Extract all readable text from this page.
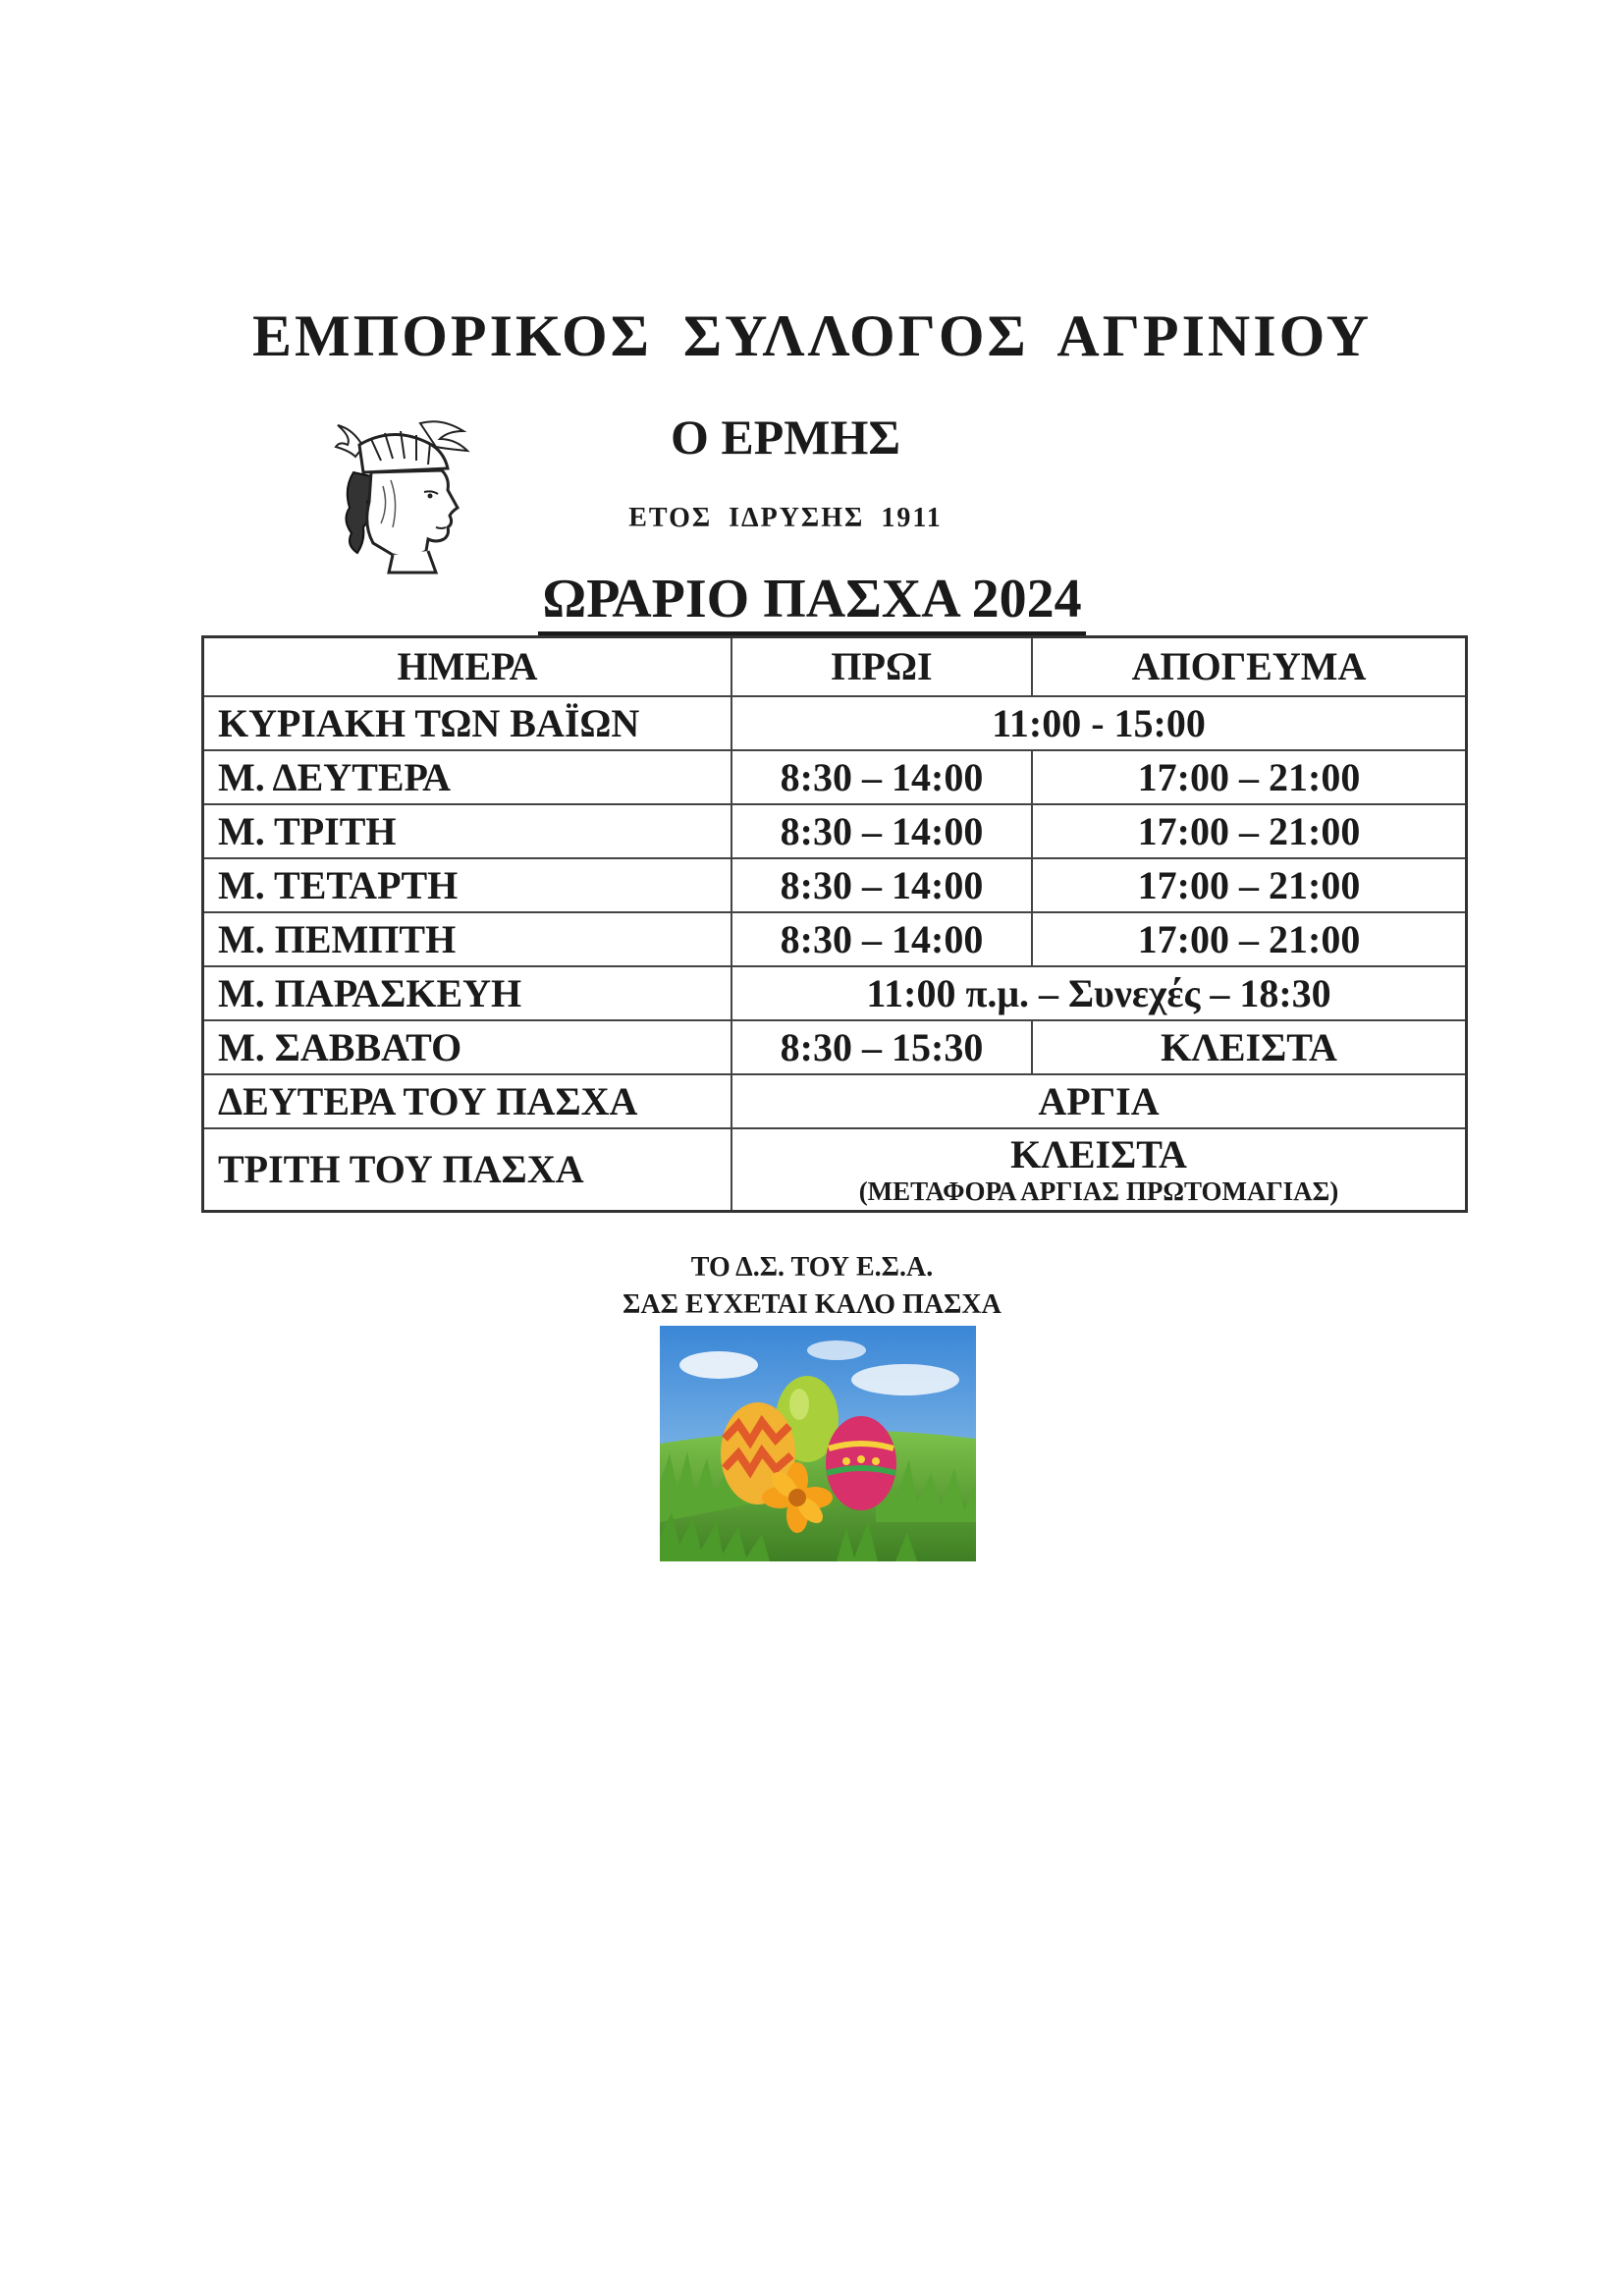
ΕΜΠΟΡΙΚΟΣ ΣΥΛΛΟΓΟΣ ΑΓΡΙΝΙΟΥ
Ο ΕΡΜΗΣ
ΕΤΟΣ ΙΔΡΥΣΗΣ 1911
ΩΡΑΡΙΟ ΠΑΣΧΑ 2024
ΗΜΕΡΑ	ΠΡΩΙ	ΑΠΟΓΕΥΜΑ
ΚΥΡΙΑΚΗ ΤΩΝ ΒΑΪΩΝ	11:00 - 15:00	
Μ. ΔΕΥΤΕΡΑ	8:30 – 14:00	17:00 – 21:00
Μ. ΤΡΙΤΗ	8:30 – 14:00	17:00 – 21:00
Μ. ΤΕΤΑΡΤΗ	8:30 – 14:00	17:00 – 21:00
Μ. ΠΕΜΠΤΗ	8:30 – 14:00	17:00 – 21:00
Μ. ΠΑΡΑΣΚΕΥΗ	11:00 π.μ. – Συνεχές – 18:30	
Μ. ΣΑΒΒΑΤΟ	8:30 – 15:30	ΚΛΕΙΣΤΑ
ΔΕΥΤΕΡΑ ΤΟΥ ΠΑΣΧΑ	ΑΡΓΙΑ	
ΤΡΙΤΗ ΤΟΥ ΠΑΣΧΑ	ΚΛΕΙΣΤΑ
(ΜΕΤΑΦΟΡΑ ΑΡΓΙΑΣ ΠΡΩΤΟΜΑΓΙΑΣ)	
ΤΟ Δ.Σ. ΤΟΥ Ε.Σ.Α.
ΣΑΣ ΕΥΧΕΤΑΙ ΚΑΛΟ ΠΑΣΧΑ
